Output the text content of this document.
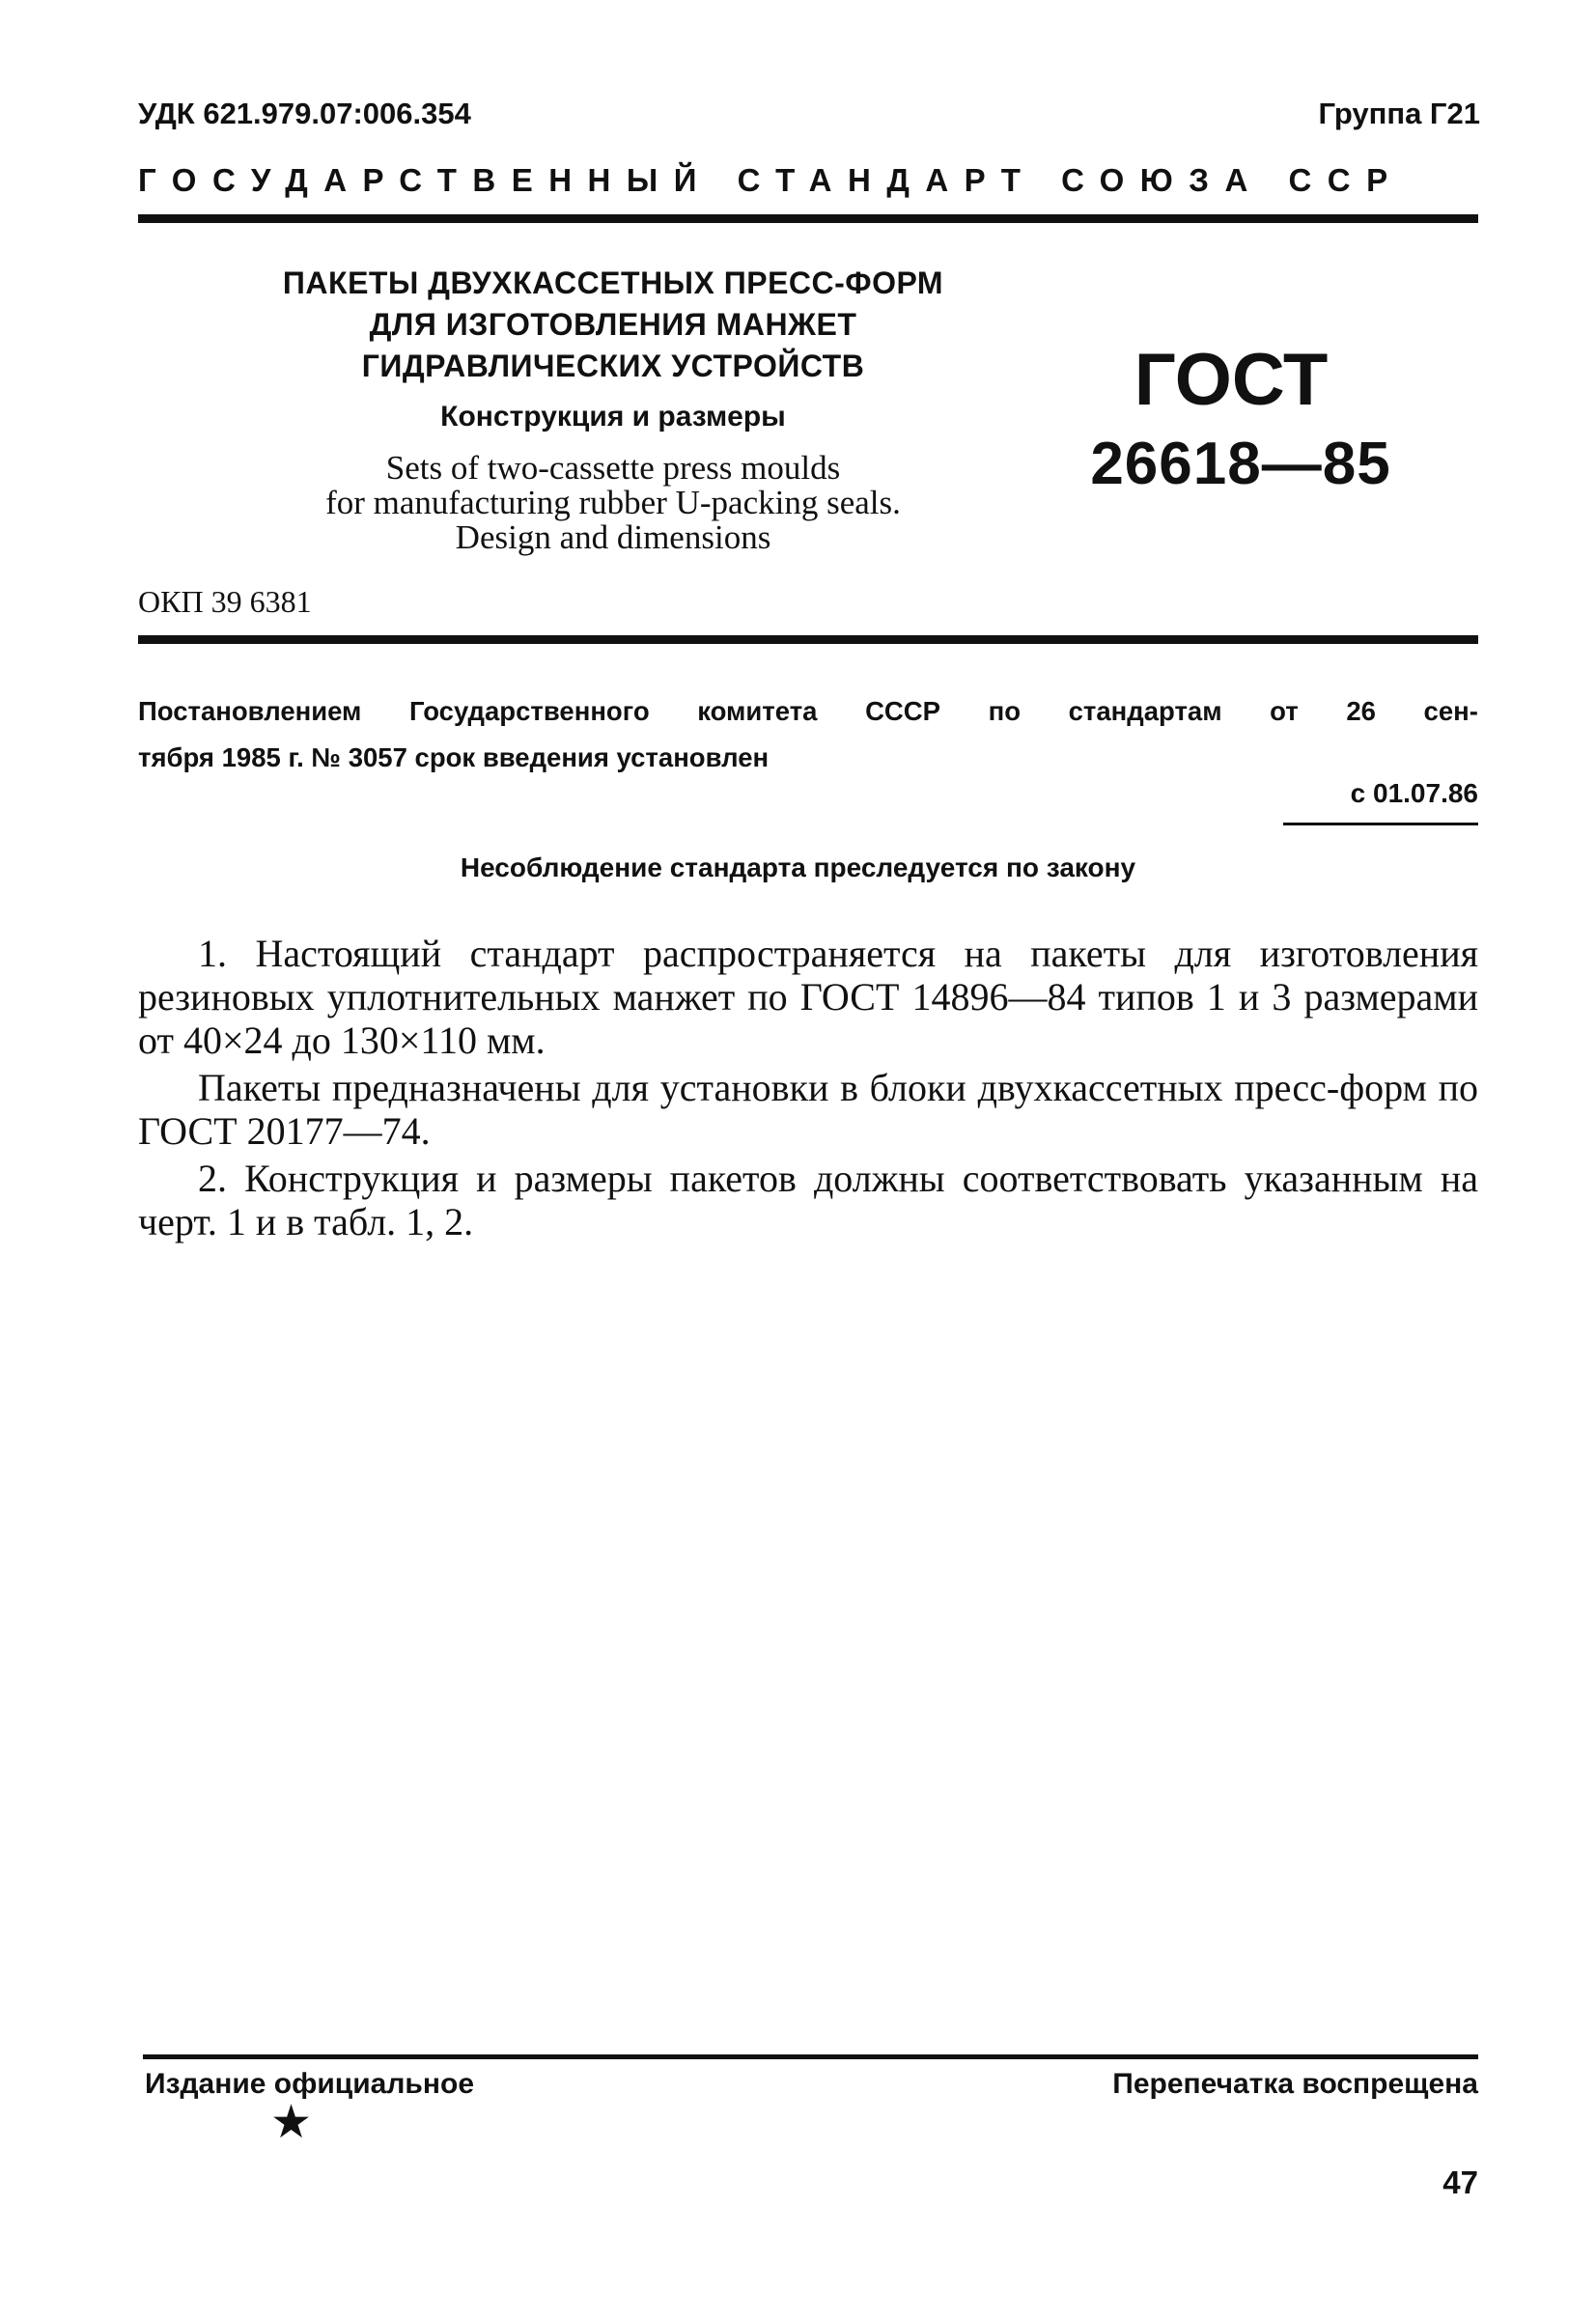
УДК 621.979.07:006.354	Группа Г21
ГОСУДАРСТВЕННЫЙ СТАНДАРТ СОЮЗА ССР
ПАКЕТЫ ДВУХКАССЕТНЫХ ПРЕСС-ФОРМ
ДЛЯ ИЗГОТОВЛЕНИЯ МАНЖЕТ
ГИДРАВЛИЧЕСКИХ УСТРОЙСТВ
Конструкция и размеры
Sets of two-cassette press moulds
for manufacturing rubber U-packing seals.
Design and dimensions
ГОСТ
26618—85
ОКП 39 6381
Постановлением Государственного комитета СССР по стандартам от 26 сен-
тября 1985 г. № 3057 срок введения установлен
с 01.07.86
Несоблюдение стандарта преследуется по закону
1. Настоящий стандарт распространяется на пакеты для изготовления резиновых уплотнительных манжет по ГОСТ 14896—84 типов 1 и 3 размерами от 40×24 до 130×110 мм.
Пакеты предназначены для установки в блоки двухкассетных пресс-форм по ГОСТ 20177—74.
2. Конструкция и размеры пакетов должны соответствовать указанным на черт. 1 и в табл. 1, 2.
Издание официальное	Перепечатка воспрещена
★
47
